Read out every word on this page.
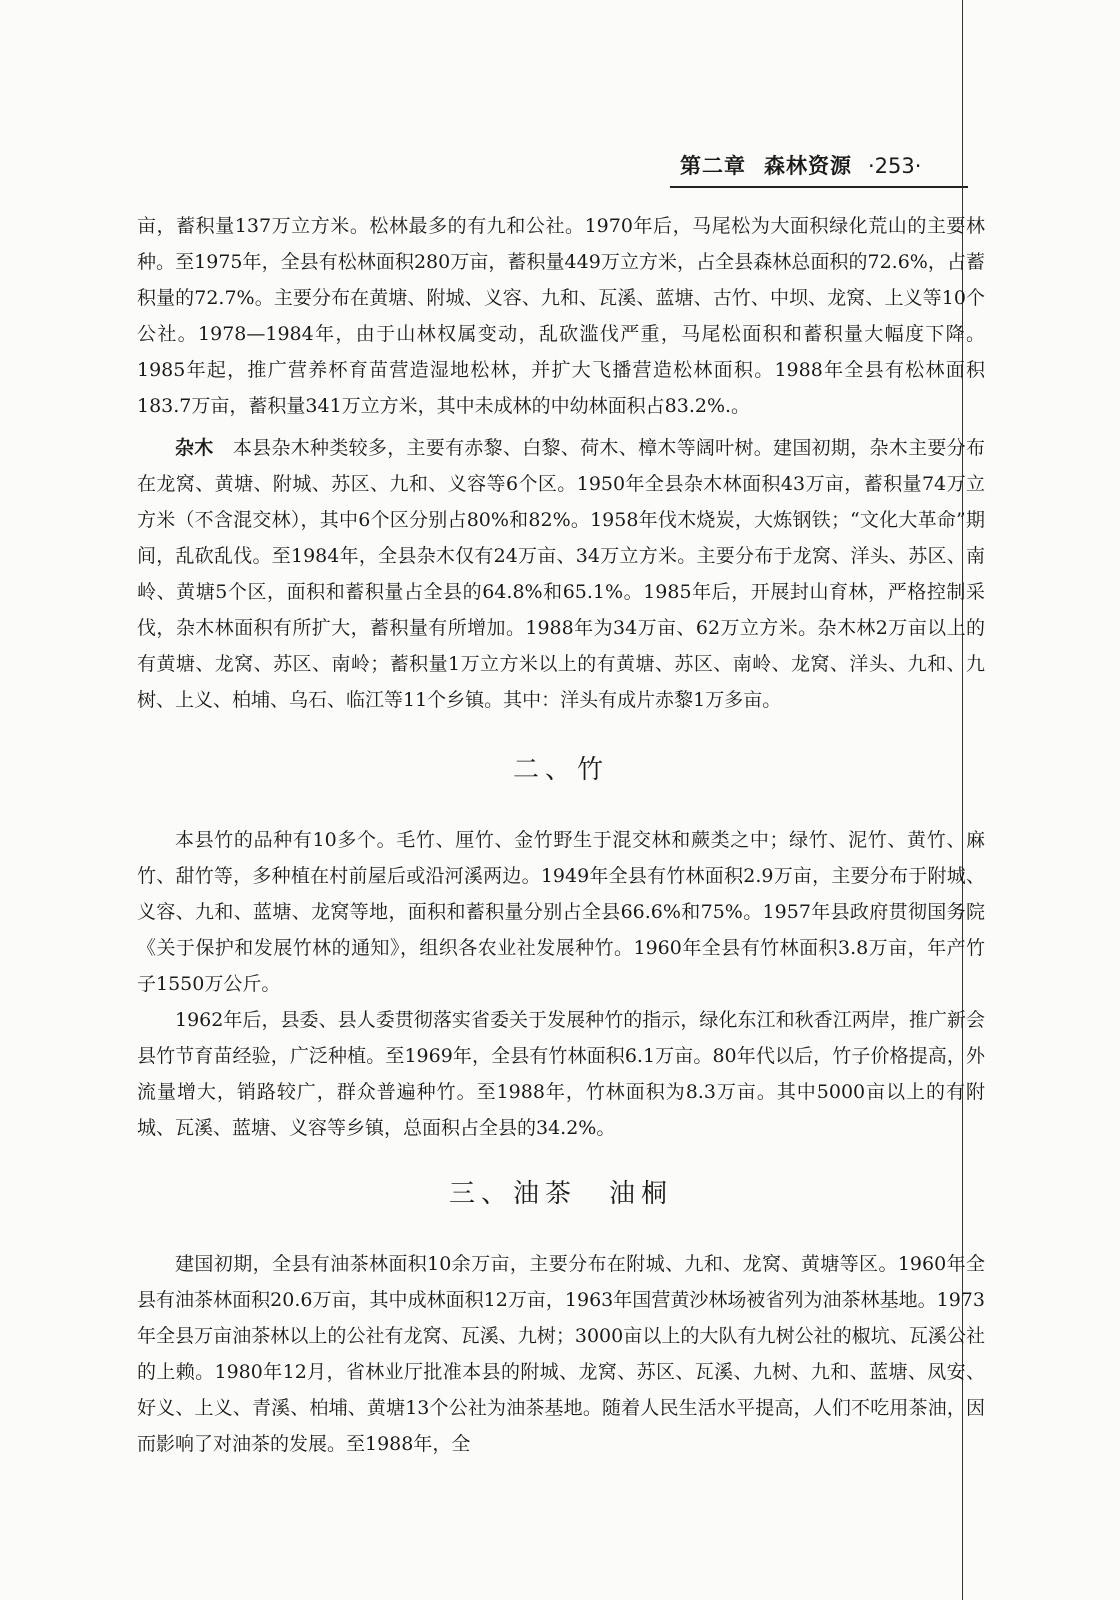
第二章 森林资源 ·253·

亩，蓄积量137万立方米。松林最多的有九和公社。1970年后，马尾松为大面积绿化荒山的主要林种。至1975年，全县有松林面积280万亩，蓄积量449万立方米，占全县森林总面积的72.6%，占蓄积量的72.7%。主要分布在黄塘、附城、义容、九和、瓦溪、蓝塘、古竹、中坝、龙窝、上义等10个公社。1978—1984年，由于山林权属变动，乱砍滥伐严重，马尾松面积和蓄积量大幅度下降。1985年起，推广营养杯育苗营造湿地松林，并扩大飞播营造松林面积。1988年全县有松林面积183.7万亩，蓄积量341万立方米，其中未成林的中幼林面积占83.2%.。

杂木　 本县杂木种类较多，主要有赤黎、白黎、荷木、樟木等阔叶树。建国初期，杂木主要分布在龙窝、黄塘、附城、苏区、九和、义容等6个区。1950年全县杂木林面积43万亩，蓄积量74万立方米（不含混交林），其中6个区分别占80%和82%。1958年伐木烧炭，大炼钢铁；“文化大革命”期间，乱砍乱伐。至1984年，全县杂木仅有24万亩、34万立方米。主要分布于龙窝、洋头、苏区、南岭、黄塘5个区，面积和蓄积量占全县的64.8%和65.1%。1985年后，开展封山育林，严格控制采伐，杂木林面积有所扩大，蓄积量有所增加。1988年为34万亩、62万立方米。杂木林2万亩以上的有黄塘、龙窝、苏区、南岭；蓄积量1万立方米以上的有黄塘、苏区、南岭、龙窝、洋头、九和、九树、上义、柏埔、乌石、临江等11个乡镇。其中：洋头有成片赤黎1万多亩。

二、竹

本县竹的品种有10多个。毛竹、厘竹、金竹野生于混交林和蕨类之中；绿竹、泥竹、黄竹、麻竹、甜竹等，多种植在村前屋后或沿河溪两边。1949年全县有竹林面积2.9万亩，主要分布于附城、义容、九和、蓝塘、龙窝等地，面积和蓄积量分别占全县66.6%和75%。1957年县政府贯彻国务院《关于保护和发展竹林的通知》，组织各农业社发展种竹。1960年全县有竹林面积3.8万亩，年产竹子1550万公斤。

1962年后，县委、县人委贯彻落实省委关于发展种竹的指示，绿化东江和秋香江两岸，推广新会县竹节育苗经验，广泛种植。至1969年，全县有竹林面积6.1万亩。80年代以后，竹子价格提高，外流量增大，销路较广，群众普遍种竹。至1988年，竹林面积为8.3万亩。其中5000亩以上的有附城、瓦溪、蓝塘、义容等乡镇，总面积占全县的34.2%。

三、油茶　油桐

建国初期，全县有油茶林面积10余万亩，主要分布在附城、九和、龙窝、黄塘等区。1960年全县有油茶林面积20.6万亩，其中成林面积12万亩，1963年国营黄沙林场被省列为油茶林基地。1973年全县万亩油茶林以上的公社有龙窝、瓦溪、九树；3000亩以上的大队有九树公社的椒坑、瓦溪公社的上赖。1980年12月，省林业厅批准本县的附城、龙窝、苏区、瓦溪、九树、九和、蓝塘、凤安、好义、上义、青溪、柏埔、黄塘13个公社为油茶基地。随着人民生活水平提高，人们不吃用茶油，因而影响了对油茶的发展。至1988年，全
